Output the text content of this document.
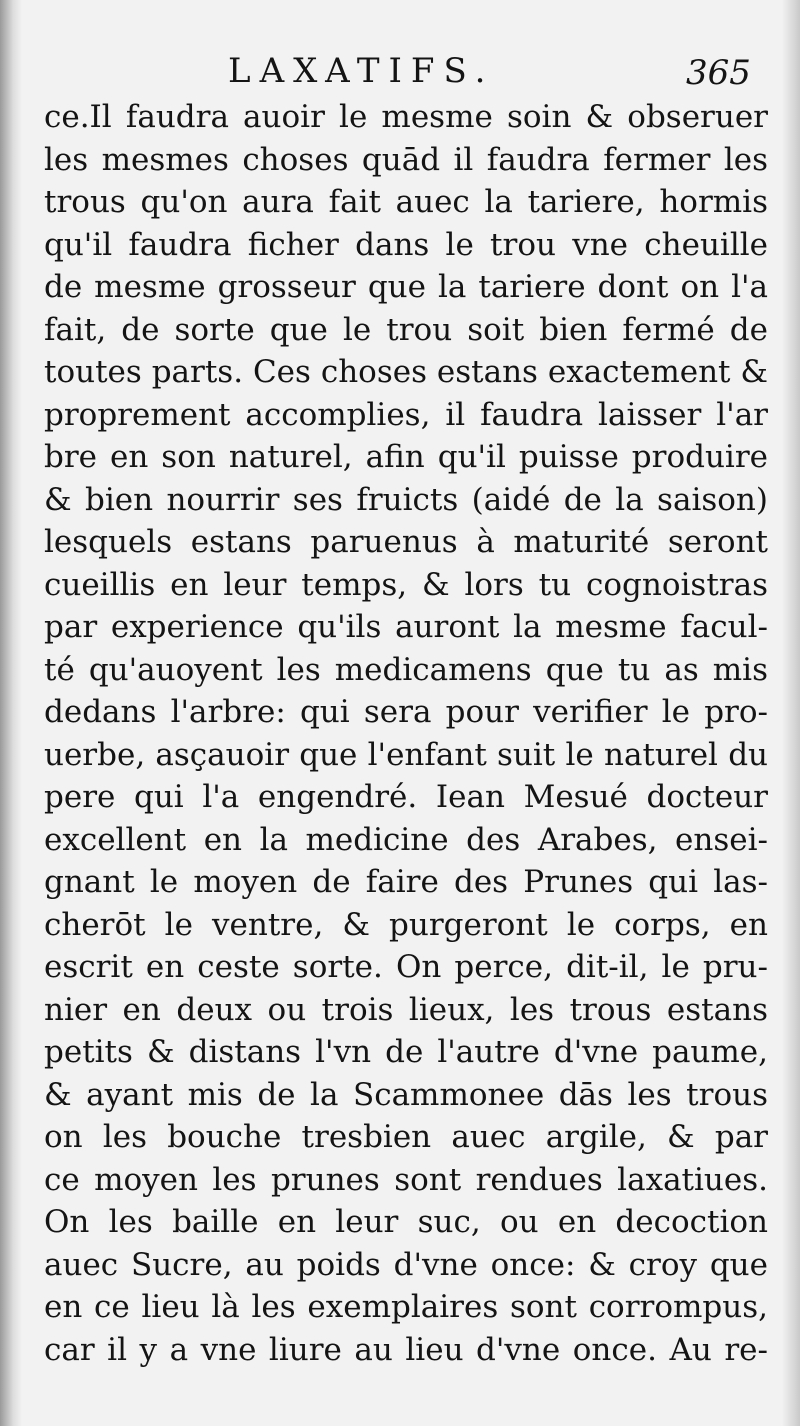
LAXATIFS.	365
ce.Il faudra auoir le mesme soin & obseruer
les mesmes choses quād il faudra fermer les
trous qu'on aura fait auec la tariere, hormis
qu'il faudra ficher dans le trou vne cheuille
de mesme grosseur que la tariere dont on l'a
fait, de sorte que le trou soit bien fermé de
toutes parts. Ces choses estans exactement &
proprement accomplies, il faudra laisser l'ar
bre en son naturel, afin qu'il puisse produire
& bien nourrir ses fruicts (aidé de la saison)
lesquels estans paruenus à maturité seront
cueillis en leur temps, & lors tu cognoistras
par experience qu'ils auront la mesme facul-
té qu'auoyent les medicamens que tu as mis
dedans l'arbre: qui sera pour verifier le pro-
uerbe, asçauoir que l'enfant suit le naturel du
pere qui l'a engendré. Iean Mesué docteur
excellent en la medicine des Arabes, ensei-
gnant le moyen de faire des Prunes qui las-
cherōt le ventre, & purgeront le corps, en
escrit en ceste sorte. On perce, dit-il, le pru-
nier en deux ou trois lieux, les trous estans
petits & distans l'vn de l'autre d'vne paume,
& ayant mis de la Scammonee dās les trous
on les bouche tresbien auec argile, & par
ce moyen les prunes sont rendues laxatiues.
On les baille en leur suc, ou en decoction
auec Sucre, au poids d'vne once: & croy que
en ce lieu là les exemplaires sont corrompus,
car il y a vne liure au lieu d'vne once. Au re-
